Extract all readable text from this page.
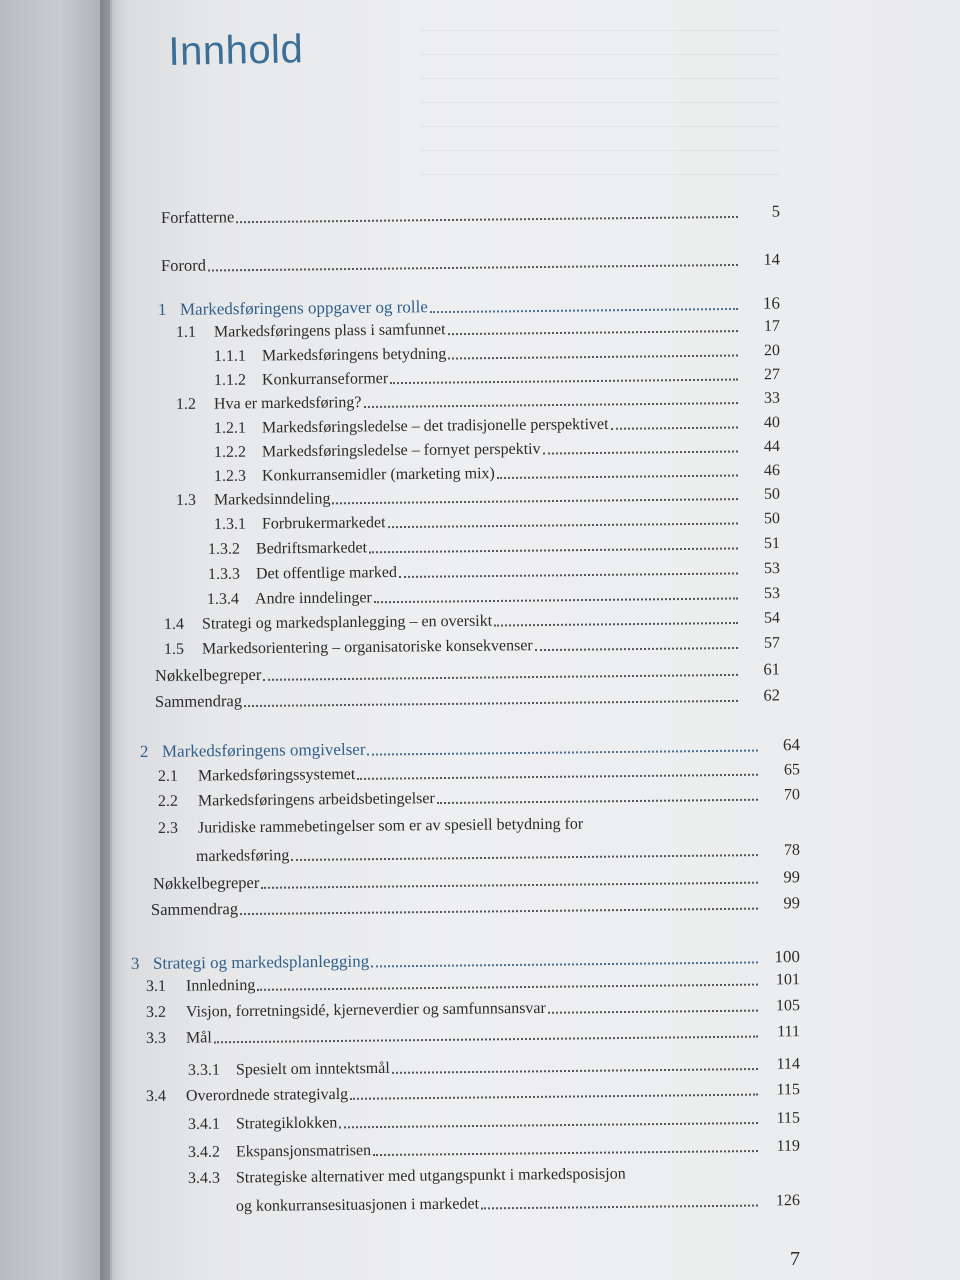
Innhold
Forfatterne	5
Forord	14
1 Markedsføringens oppgaver og rolle	16
1.1	Markedsføringens plass i samfunnet	17
1.1.1 Markedsføringens betydning	20
1.1.2 Konkurranseformer	27
1.2	Hva er markedsføring?	33
1.2.1 Markedsføringsledelse – det tradisjonelle perspektivet	40
1.2.2 Markedsføringsledelse – fornyet perspektiv	44
1.2.3 Konkurransemidler (marketing mix)	46
1.3	Markedsinndeling	50
1.3.1 Forbrukermarkedet	50
1.3.2 Bedriftsmarkedet	51
1.3.3 Det offentlige marked	53
1.3.4 Andre inndelinger	53
1.4	Strategi og markedsplanlegging – en oversikt	54
1.5	Markedsorientering – organisatoriske konsekvenser	57
Nøkkelbegreper	61
Sammendrag	62
2 Markedsføringens omgivelser	64
2.1	Markedsføringssystemet	65
2.2	Markedsføringens arbeidsbetingelser	70
2.3	Juridiske rammebetingelser som er av spesiell betydning for
markedsføring	78
Nøkkelbegreper	99
Sammendrag	99
3 Strategi og markedsplanlegging	100
3.1	Innledning	101
3.2	Visjon, forretningsidé, kjerneverdier og samfunnsansvar	105
3.3	Mål	111
3.3.1 Spesielt om inntektsmål	114
3.4	Overordnede strategivalg	115
3.4.1 Strategiklokken	115
3.4.2 Ekspansjonsmatrisen	119
3.4.3 Strategiske alternativer med utgangspunkt i markedsposisjon
og konkurransesituasjonen i markedet	126
7
